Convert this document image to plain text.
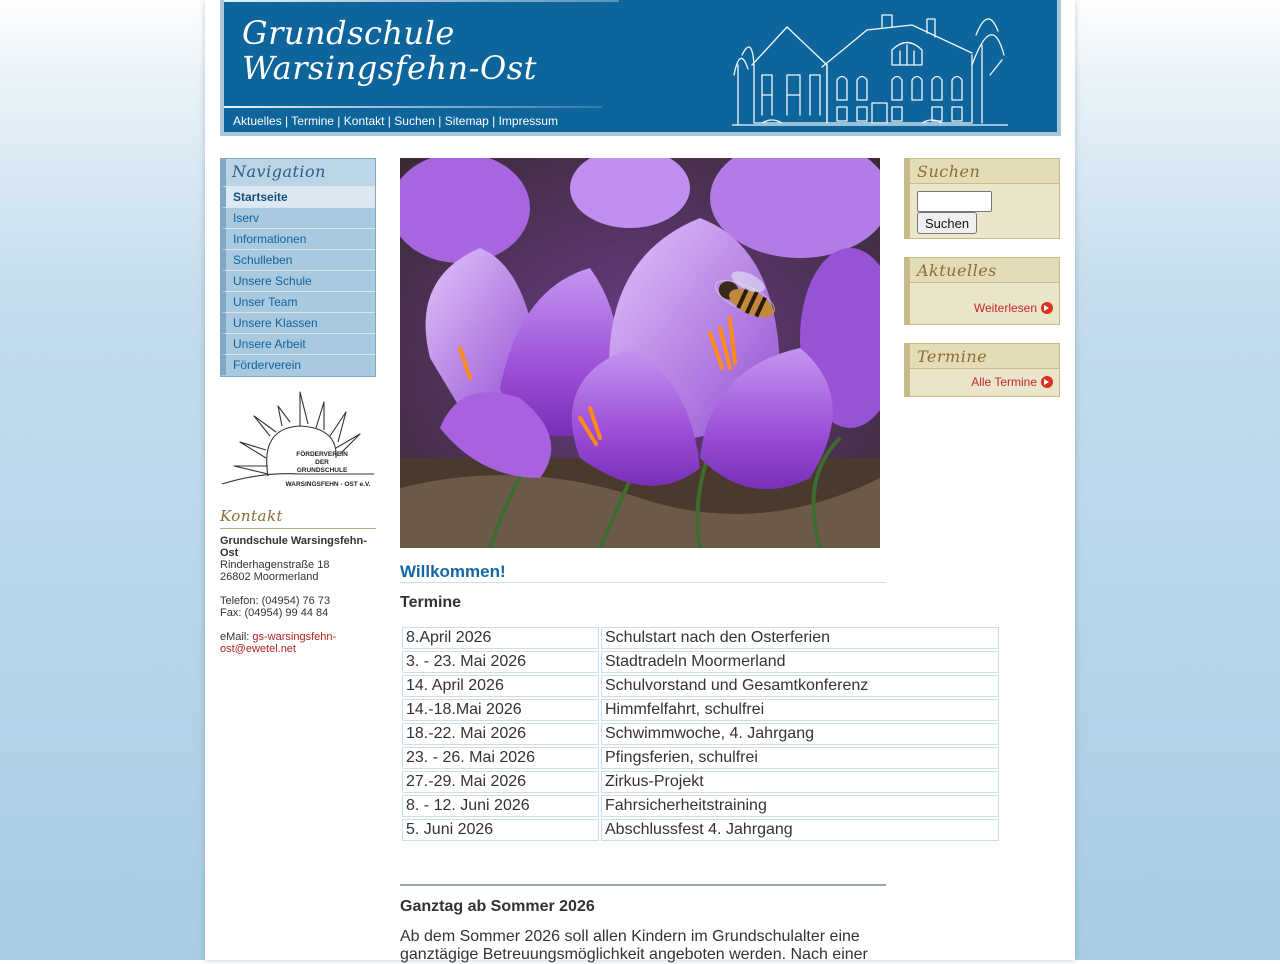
Grundschule
Warsingsfehn-Ost
Aktuelles | Termine | Kontakt | Suchen | Sitemap | Impressum
Navigation
Startseite
Iserv
Informationen
Schulleben
Unsere Schule
Unser Team
Unsere Klassen
Unsere Arbeit
Förderverein
FÖRDERVEREIN
DER
GRUNDSCHULE
WARSINGSFEHN - OST e.V.
Kontakt
Grundschule Warsingsfehn-Ost
Rinderhagenstraße 18
26802 Moormerland
Telefon: (04954) 76 73
Fax: (04954) 99 44 84
eMail: gs-warsingsfehn-ost@ewetel.net
Willkommen!
Termine
8.April 2026	Schulstart nach den Osterferien
3. - 23. Mai 2026	Stadtradeln Moormerland
14. April 2026	Schulvorstand und Gesamtkonferenz
14.-18.Mai 2026	Himmfelfahrt, schulfrei
18.-22. Mai 2026	Schwimmwoche, 4. Jahrgang
23. - 26. Mai 2026	Pfingsferien, schulfrei
27.-29. Mai 2026	Zirkus-Projekt
8. - 12. Juni 2026	Fahrsicherheitstraining
5. Juni 2026	Abschlussfest 4. Jahrgang
Ganztag ab Sommer 2026
Ab dem Sommer 2026 soll allen Kindern im Grundschulalter eine ganztägige Betreuungsmöglichkeit angeboten werden. Nach einer
Suchen
Suchen
Aktuelles
Weiterlesen
Termine
Alle Termine
